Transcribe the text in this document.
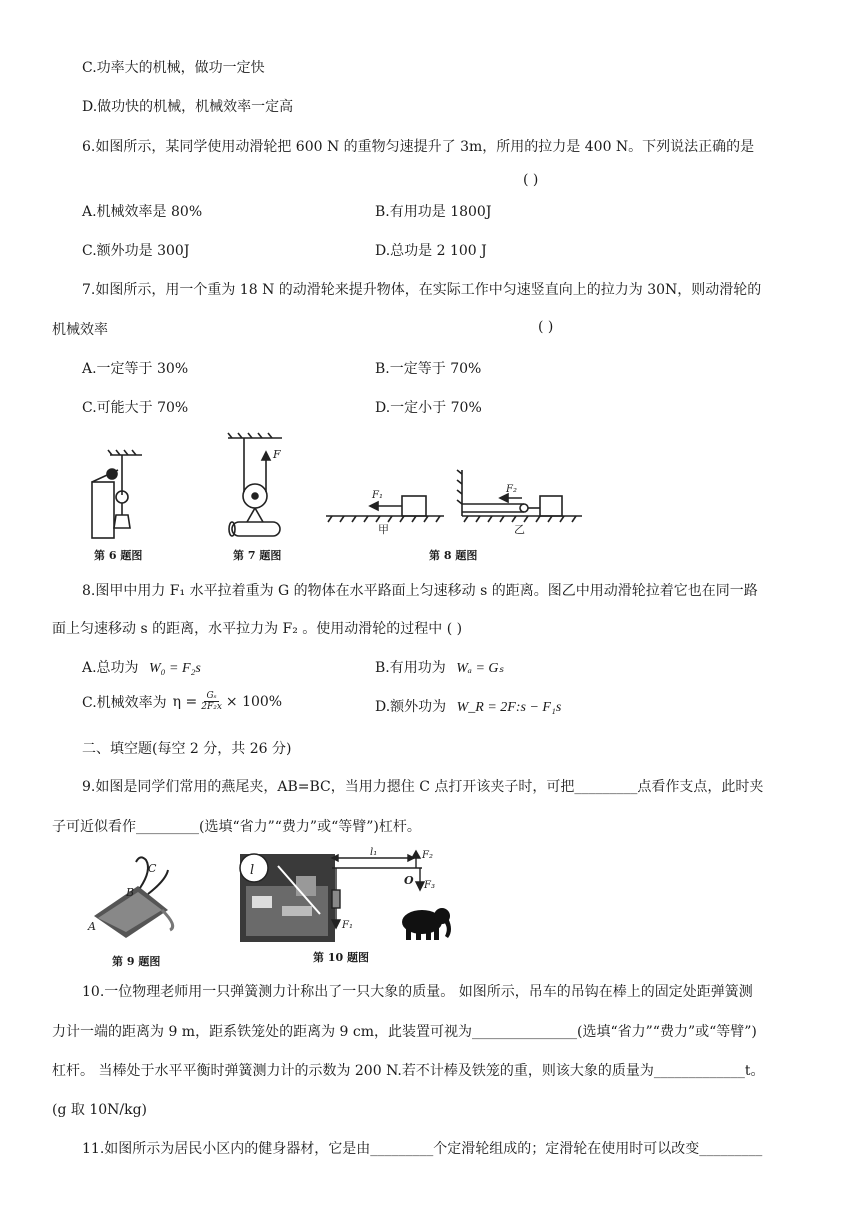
C.功率大的机械，做功一定快
D.做功快的机械，机械效率一定高
6.如图所示，某同学使用动滑轮把 600 N 的重物匀速提升了 3m，所用的拉力是 400 N。下列说法正确的是
( )
A.机械效率是 80%	B.有用功是 1800J
C.额外功是 300J	D.总功是 2 100 J
7.如图所示，用一个重为 18 N 的动滑轮来提升物体，在实际工作中匀速竖直向上的拉力为 30N，则动滑轮的
机械效率	( )
A.一定等于 30%	B.一定等于 70%
C.可能大于 70%	D.一定小于 70%
F
F₁
F₂
甲	乙
第 6 题图	第 7 题图	第 8 题图
8.图甲中用力 F₁ 水平拉着重为 G 的物体在水平路面上匀速移动 s 的距离。图乙中用动滑轮拉着它也在同一路
面上匀速移动 s 的距离，水平拉力为 F₂ 。使用动滑轮的过程中 ( )
A.总功为 W₀ = F₂s	B.有用功为 Wₐ = Gₛ
C.机械效率为 $\eta = \frac{\text{Gₛ}}{\text{2F₂x}} \times 100\%$	D.额外功为 W_R = 2F:s − F₁s
二、填空题(每空 2 分，共 26 分)
9.如图是同学们常用的燕尾夹，AB=BC，当用力摁住 C 点打开该夹子时，可把_________点看作支点，此时夹
子可近似看作_________(选填“省力”“费力”或“等臂”)杠杆。
C
B
A
l
l₁	F₂
O F₃
F₁
第 9 题图	第 10 题图
10.一位物理老师用一只弹簧测力计称出了一只大象的质量。 如图所示，吊车的吊钩在棒上的固定处距弹簧测
力计一端的距离为 9 m，距系铁笼处的距离为 9 cm，此装置可视为_______________(选填“省力”“费力”或“等臂”)
杠杆。 当棒处于水平平衡时弹簧测力计的示数为 200 N.若不计棒及铁笼的重，则该大象的质量为_____________t。
(g 取 10N/kg)
11.如图所示为居民小区内的健身器材，它是由_________个定滑轮组成的；定滑轮在使用时可以改变_________
